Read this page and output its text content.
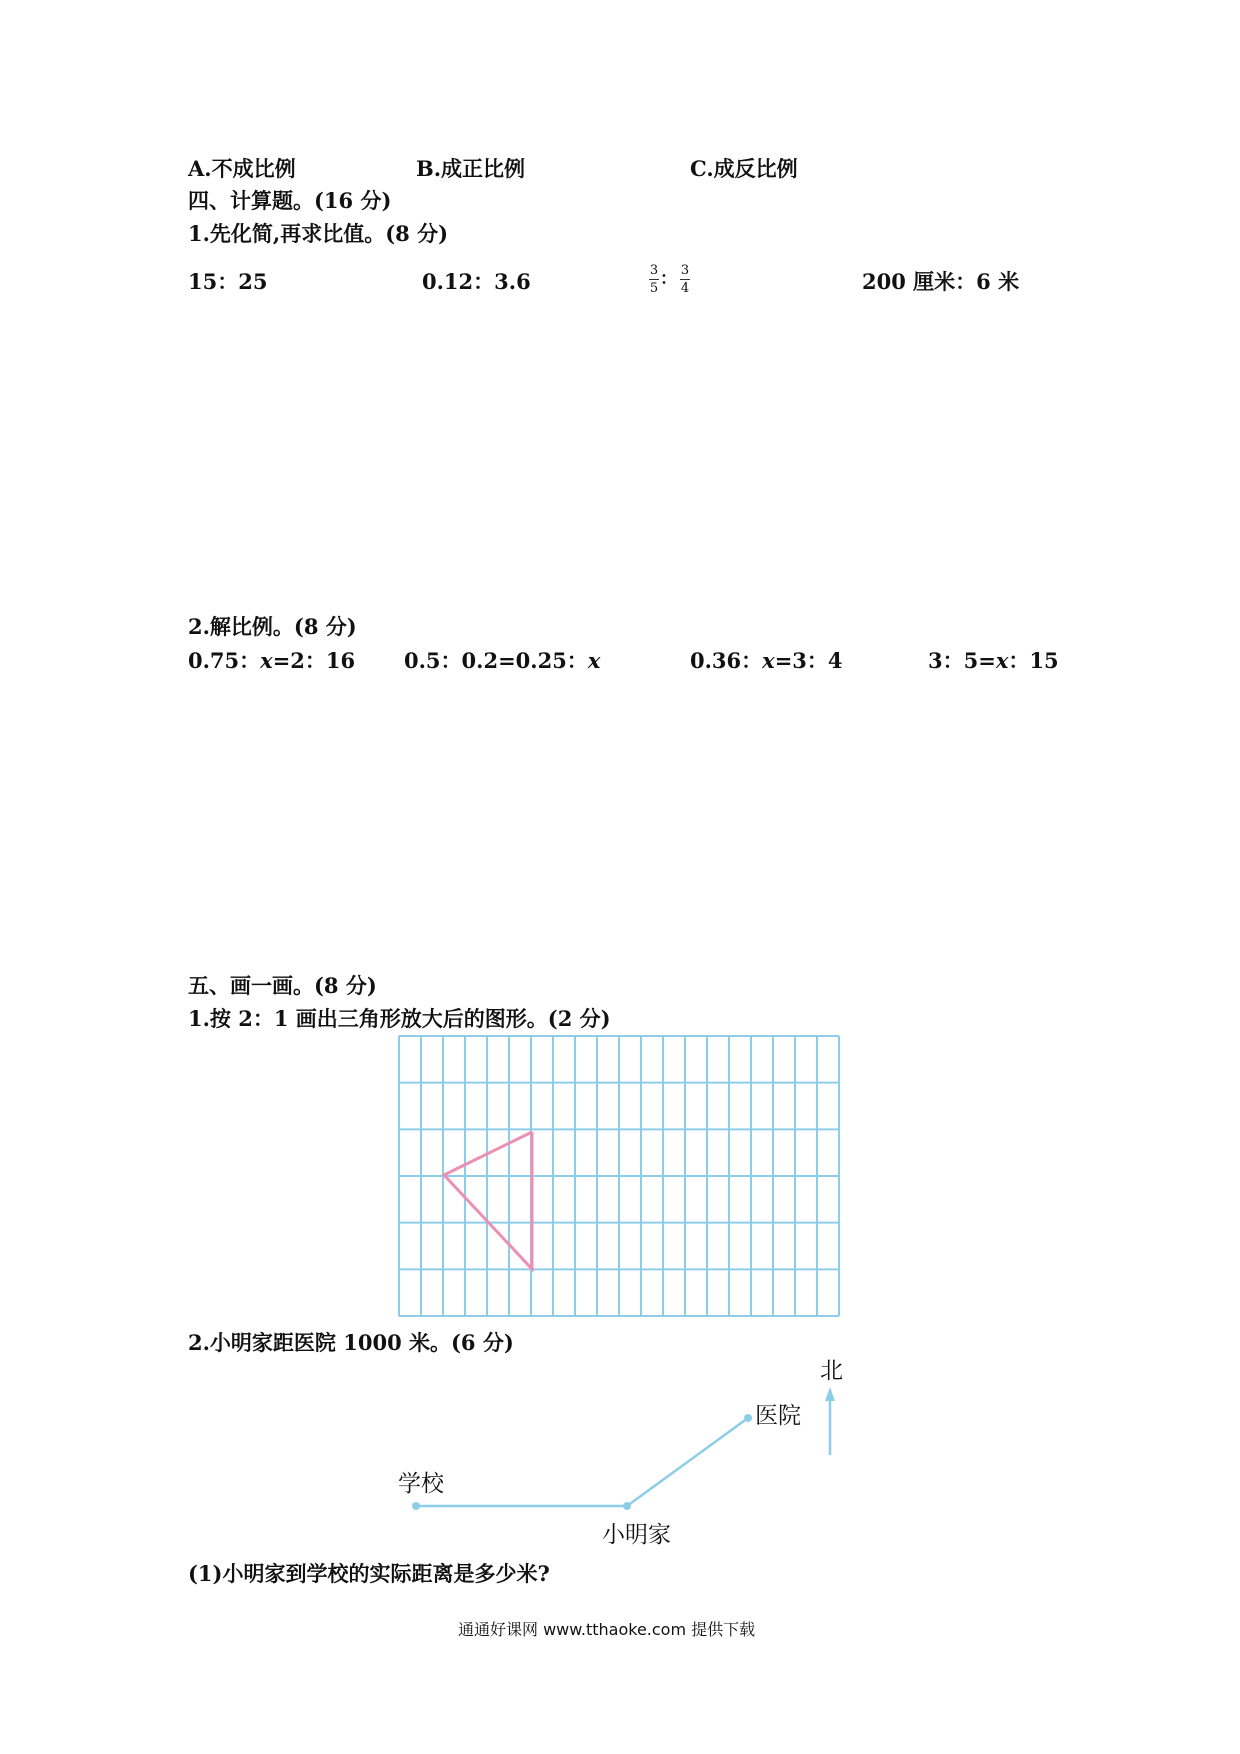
A.不成比例	B.成正比例	C.成反比例
四、计算题。(16 分)
1.先化简,再求比值。(8 分)
15：25	0.12：3.6	$\frac{3}{5}$ ： $\frac{3}{4}$	200 厘米：6 米
2.解比例。(8 分)
0.75：x=2：16 0.5：0.2=0.25：x	0.36：x=3：4	3：5=x：15
五、画一画。(8 分)
1.按 2：1 画出三角形放大后的图形。(2 分)
2.小明家距医院 1000 米。(6 分)
北
医院
学校
小明家
(1)小明家到学校的实际距离是多少米?
通通好课网 www.tthaoke.com 提供下载
